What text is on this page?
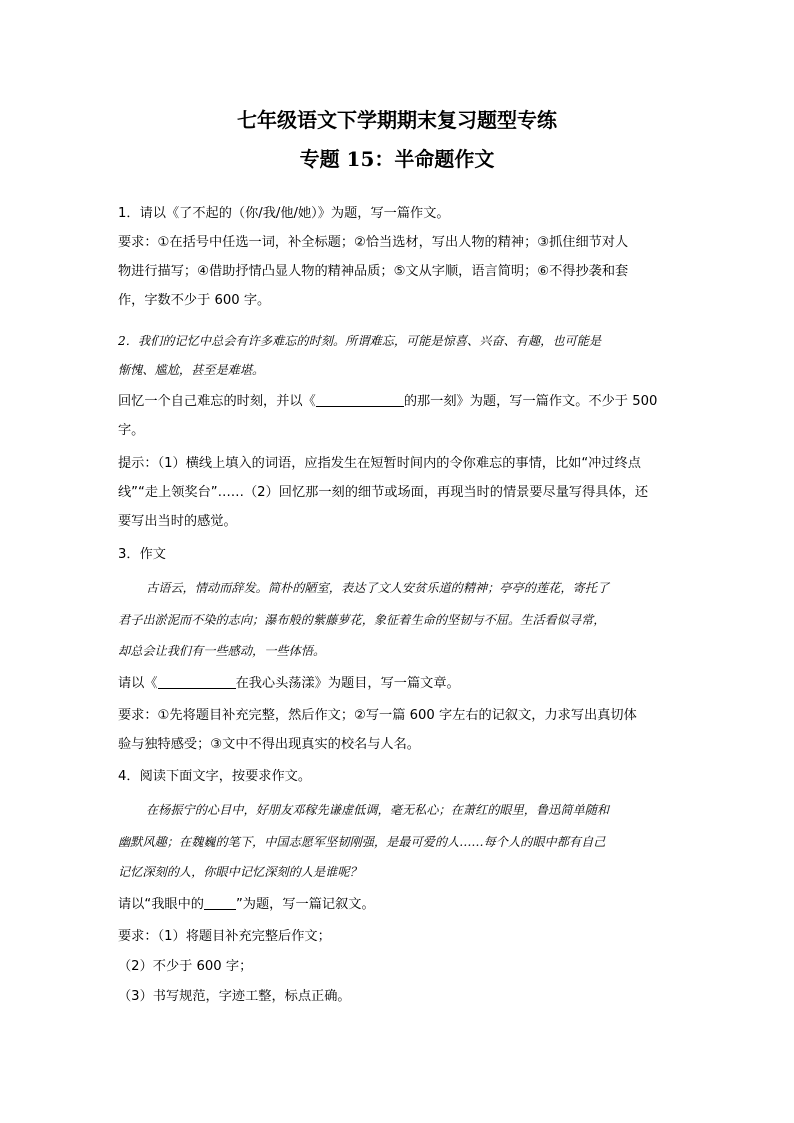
七年级语文下学期期末复习题型专练
专题 15：半命题作文
1．请以《了不起的（你/我/他/她）》为题，写一篇作文。
要求：①在括号中任选一词，补全标题；②恰当选材，写出人物的精神；③抓住细节对人
物进行描写；④借助抒情凸显人物的精神品质；⑤文从字顺，语言简明；⑥不得抄袭和套
作，字数不少于 600 字。
2．我们的记忆中总会有许多难忘的时刻。所谓难忘，可能是惊喜、兴奋、有趣，也可能是
惭愧、尴尬，甚至是难堪。
回忆一个自己难忘的时刻，并以《	的那一刻》为题，写一篇作文。不少于 500
字。
提示：（1）横线上填入的词语，应指发生在短暂时间内的令你难忘的事情，比如“冲过终点
线”“走上领奖台”……（2）回忆那一刻的细节或场面，再现当时的情景要尽量写得具体，还
要写出当时的感觉。
3．作文
古语云，情动而辞发。简朴的陋室，表达了文人安贫乐道的精神；亭亭的莲花，寄托了
君子出淤泥而不染的志向；瀑布般的紫藤萝花，象征着生命的坚韧与不屈。生活看似寻常，
却总会让我们有一些感动，一些体悟。
请以《	在我心头荡漾》为题目，写一篇文章。
要求：①先将题目补充完整，然后作文；②写一篇 600 字左右的记叙文，力求写出真切体
验与独特感受；③文中不得出现真实的校名与人名。
4．阅读下面文字，按要求作文。
在杨振宁的心目中，好朋友邓稼先谦虚低调，毫无私心；在萧红的眼里，鲁迅简单随和
幽默风趣；在魏巍的笔下，中国志愿军坚韧刚强，是最可爱的人……每个人的眼中都有自己
记忆深刻的人，你眼中记忆深刻的人是谁呢？
请以“我眼中的 ”为题，写一篇记叙文。
要求：（1）将题目补充完整后作文；
（2）不少于 600 字；
（3）书写规范，字迹工整，标点正确。
